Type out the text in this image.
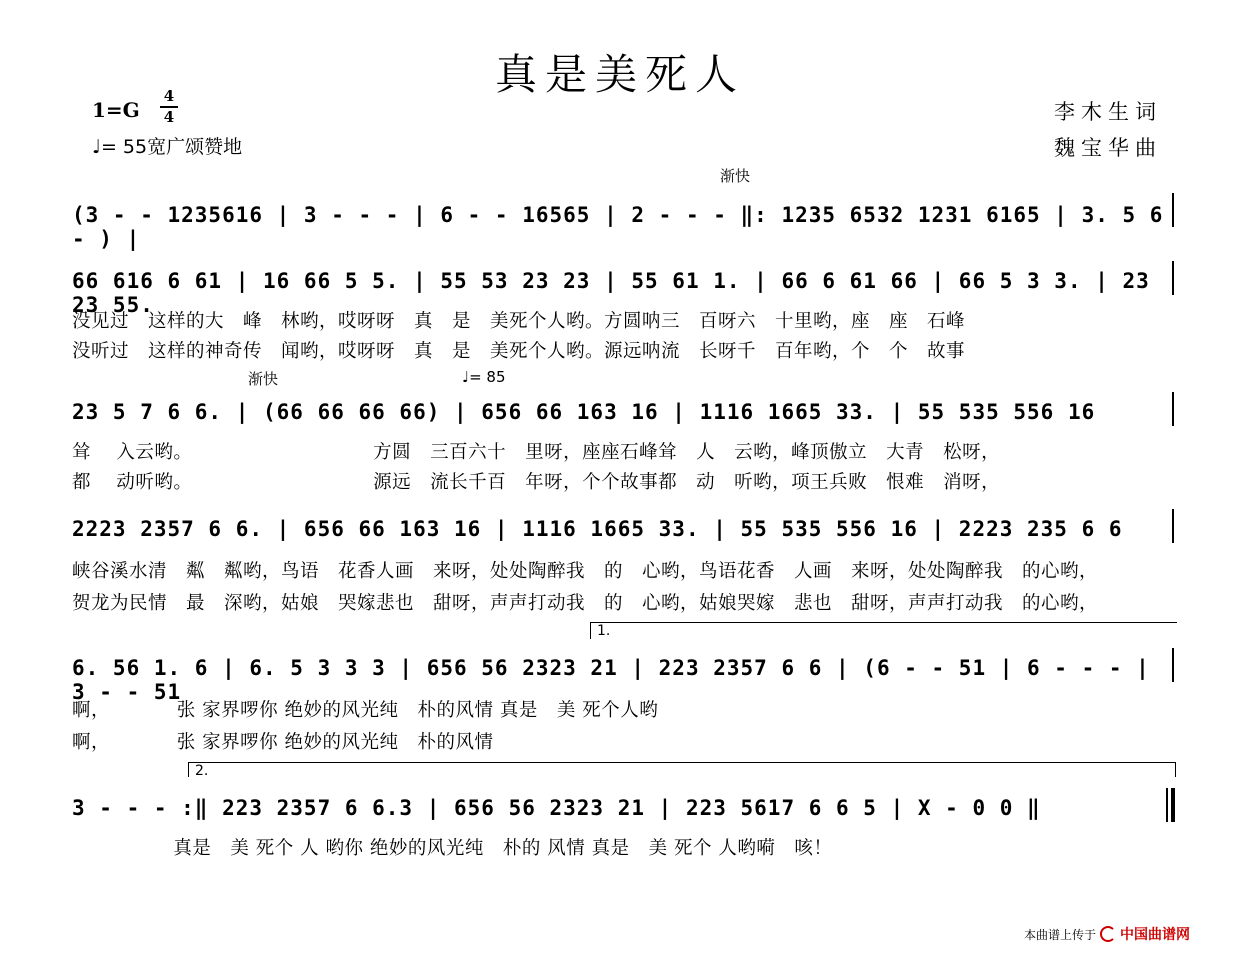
真是美死人
1=G
4
4
♩= 55宽广颂赞地
李木生词
魏宝华曲
渐快
(3 - - 1235616 | 3 - - - | 6 - - 16565 | 2 - - - ‖: 1235 6532 1231 6165 | 3. 5 6 - ) |
66 616 6 61 | 16 66 5 5. | 55 53 23 23 | 55 61 1. | 66 6 61 66 | 66 5 3 3. | 23 23 55.
没见过　这样的大　峰　林哟，哎呀呀　真　是　美死个人哟。方圆呐三　百呀六　十里哟，座　座　石峰
没听过　这样的神奇传　闻哟，哎呀呀　真　是　美死个人哟。源远呐流　长呀千　百年哟，个　个　故事
渐快	♩= 85
23 5 7 6 6. | (66 66 66 66) | 656 66 163 16 | 1116 1665 33. | 55 535 556 16
耸　 入云哟。　　　　　　　　　　方圆　三百六十　里呀，座座石峰耸　人　云哟，峰顶傲立　大青　松呀，
都　 动听哟。　　　　　　　　　　源远　流长千百　年呀，个个故事都　动　听哟，项王兵败　恨难　消呀，
2223 2357 6 6. | 656 66 163 16 | 1116 1665 33. | 55 535 556 16 | 2223 235 6 6
峡谷溪水清　粼　粼哟，鸟语　花香人画　来呀，处处陶醉我　的　心哟，鸟语花香　人画　来呀，处处陶醉我　的心哟，
贺龙为民情　最　深哟，姑娘　哭嫁悲也　甜呀，声声打动我　的　心哟，姑娘哭嫁　悲也　甜呀，声声打动我　的心哟，
1.
6. 56 1. 6 | 6. 5 3 3 3 | 656 56 2323 21 | 223 2357 6 6 | (6 - - 51 | 6 - - - | 3 - - 51
啊，　　　　张 家界啰你 绝妙的风光纯　朴的风情 真是　美 死个人哟
啊，　　　　张 家界啰你 绝妙的风光纯　朴的风情
2.
3 - - - :‖ 223 2357 6 6.3 | 656 56 2323 21 | 223 5617 6 6 5 | X - 0 0 ‖
　　　　　 真是　美 死个 人 哟你 绝妙的风光纯　朴的 风情 真是　美 死个 人哟嗬　咳！
本曲谱上传于 中国曲谱网
